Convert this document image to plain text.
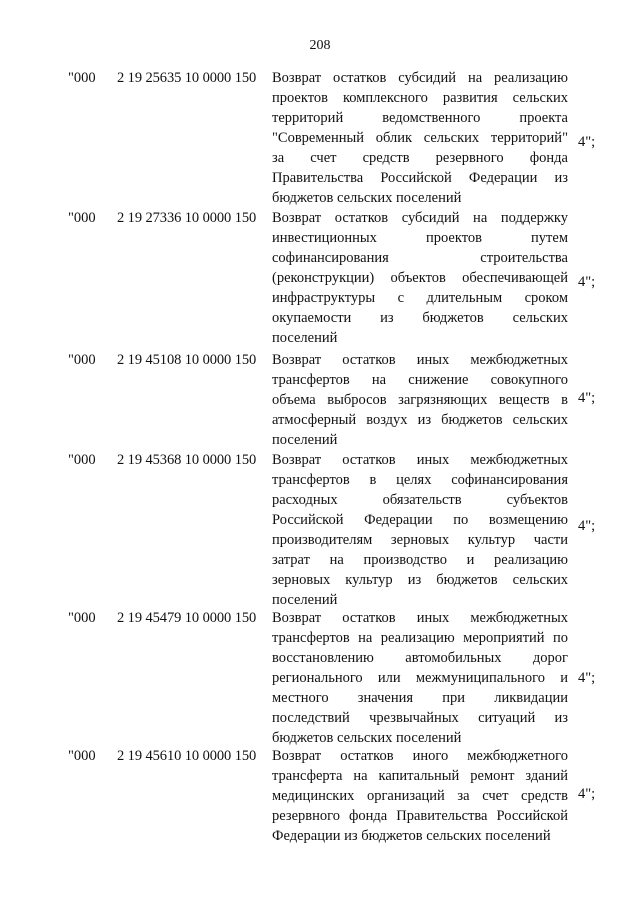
208
"000 2 19 25635 10 0000 150 Возврат остатков субсидий на реализацию
проектов комплексного развития сельских
территорий ведомственного проекта
"Современный облик сельских территорий"
за счет средств резервного фонда
Правительства Российской Федерации из
бюджетов сельских поселений
4";
"000 2 19 27336 10 0000 150 Возврат остатков субсидий на поддержку
инвестиционных проектов путем
софинансирования строительства
(реконструкции) объектов обеспечивающей
инфраструктуры с длительным сроком
окупаемости из бюджетов сельских
поселений
4";
"000 2 19 45108 10 0000 150 Возврат остатков иных межбюджетных
трансфертов на снижение совокупного
объема выбросов загрязняющих веществ в
атмосферный воздух из бюджетов сельских
поселений
4";
"000 2 19 45368 10 0000 150 Возврат остатков иных межбюджетных
трансфертов в целях софинансирования
расходных обязательств субъектов
Российской Федерации по возмещению
производителям зерновых культур части
затрат на производство и реализацию
зерновых культур из бюджетов сельских
поселений
4";
"000 2 19 45479 10 0000 150 Возврат остатков иных межбюджетных
трансфертов на реализацию мероприятий по
восстановлению автомобильных дорог
регионального или межмуниципального и
местного значения при ликвидации
последствий чрезвычайных ситуаций из
бюджетов сельских поселений
4";
"000 2 19 45610 10 0000 150 Возврат остатков иного межбюджетного
трансферта на капитальный ремонт зданий
медицинских организаций за счет средств
резервного фонда Правительства Российской
Федерации из бюджетов сельских поселений
4";
